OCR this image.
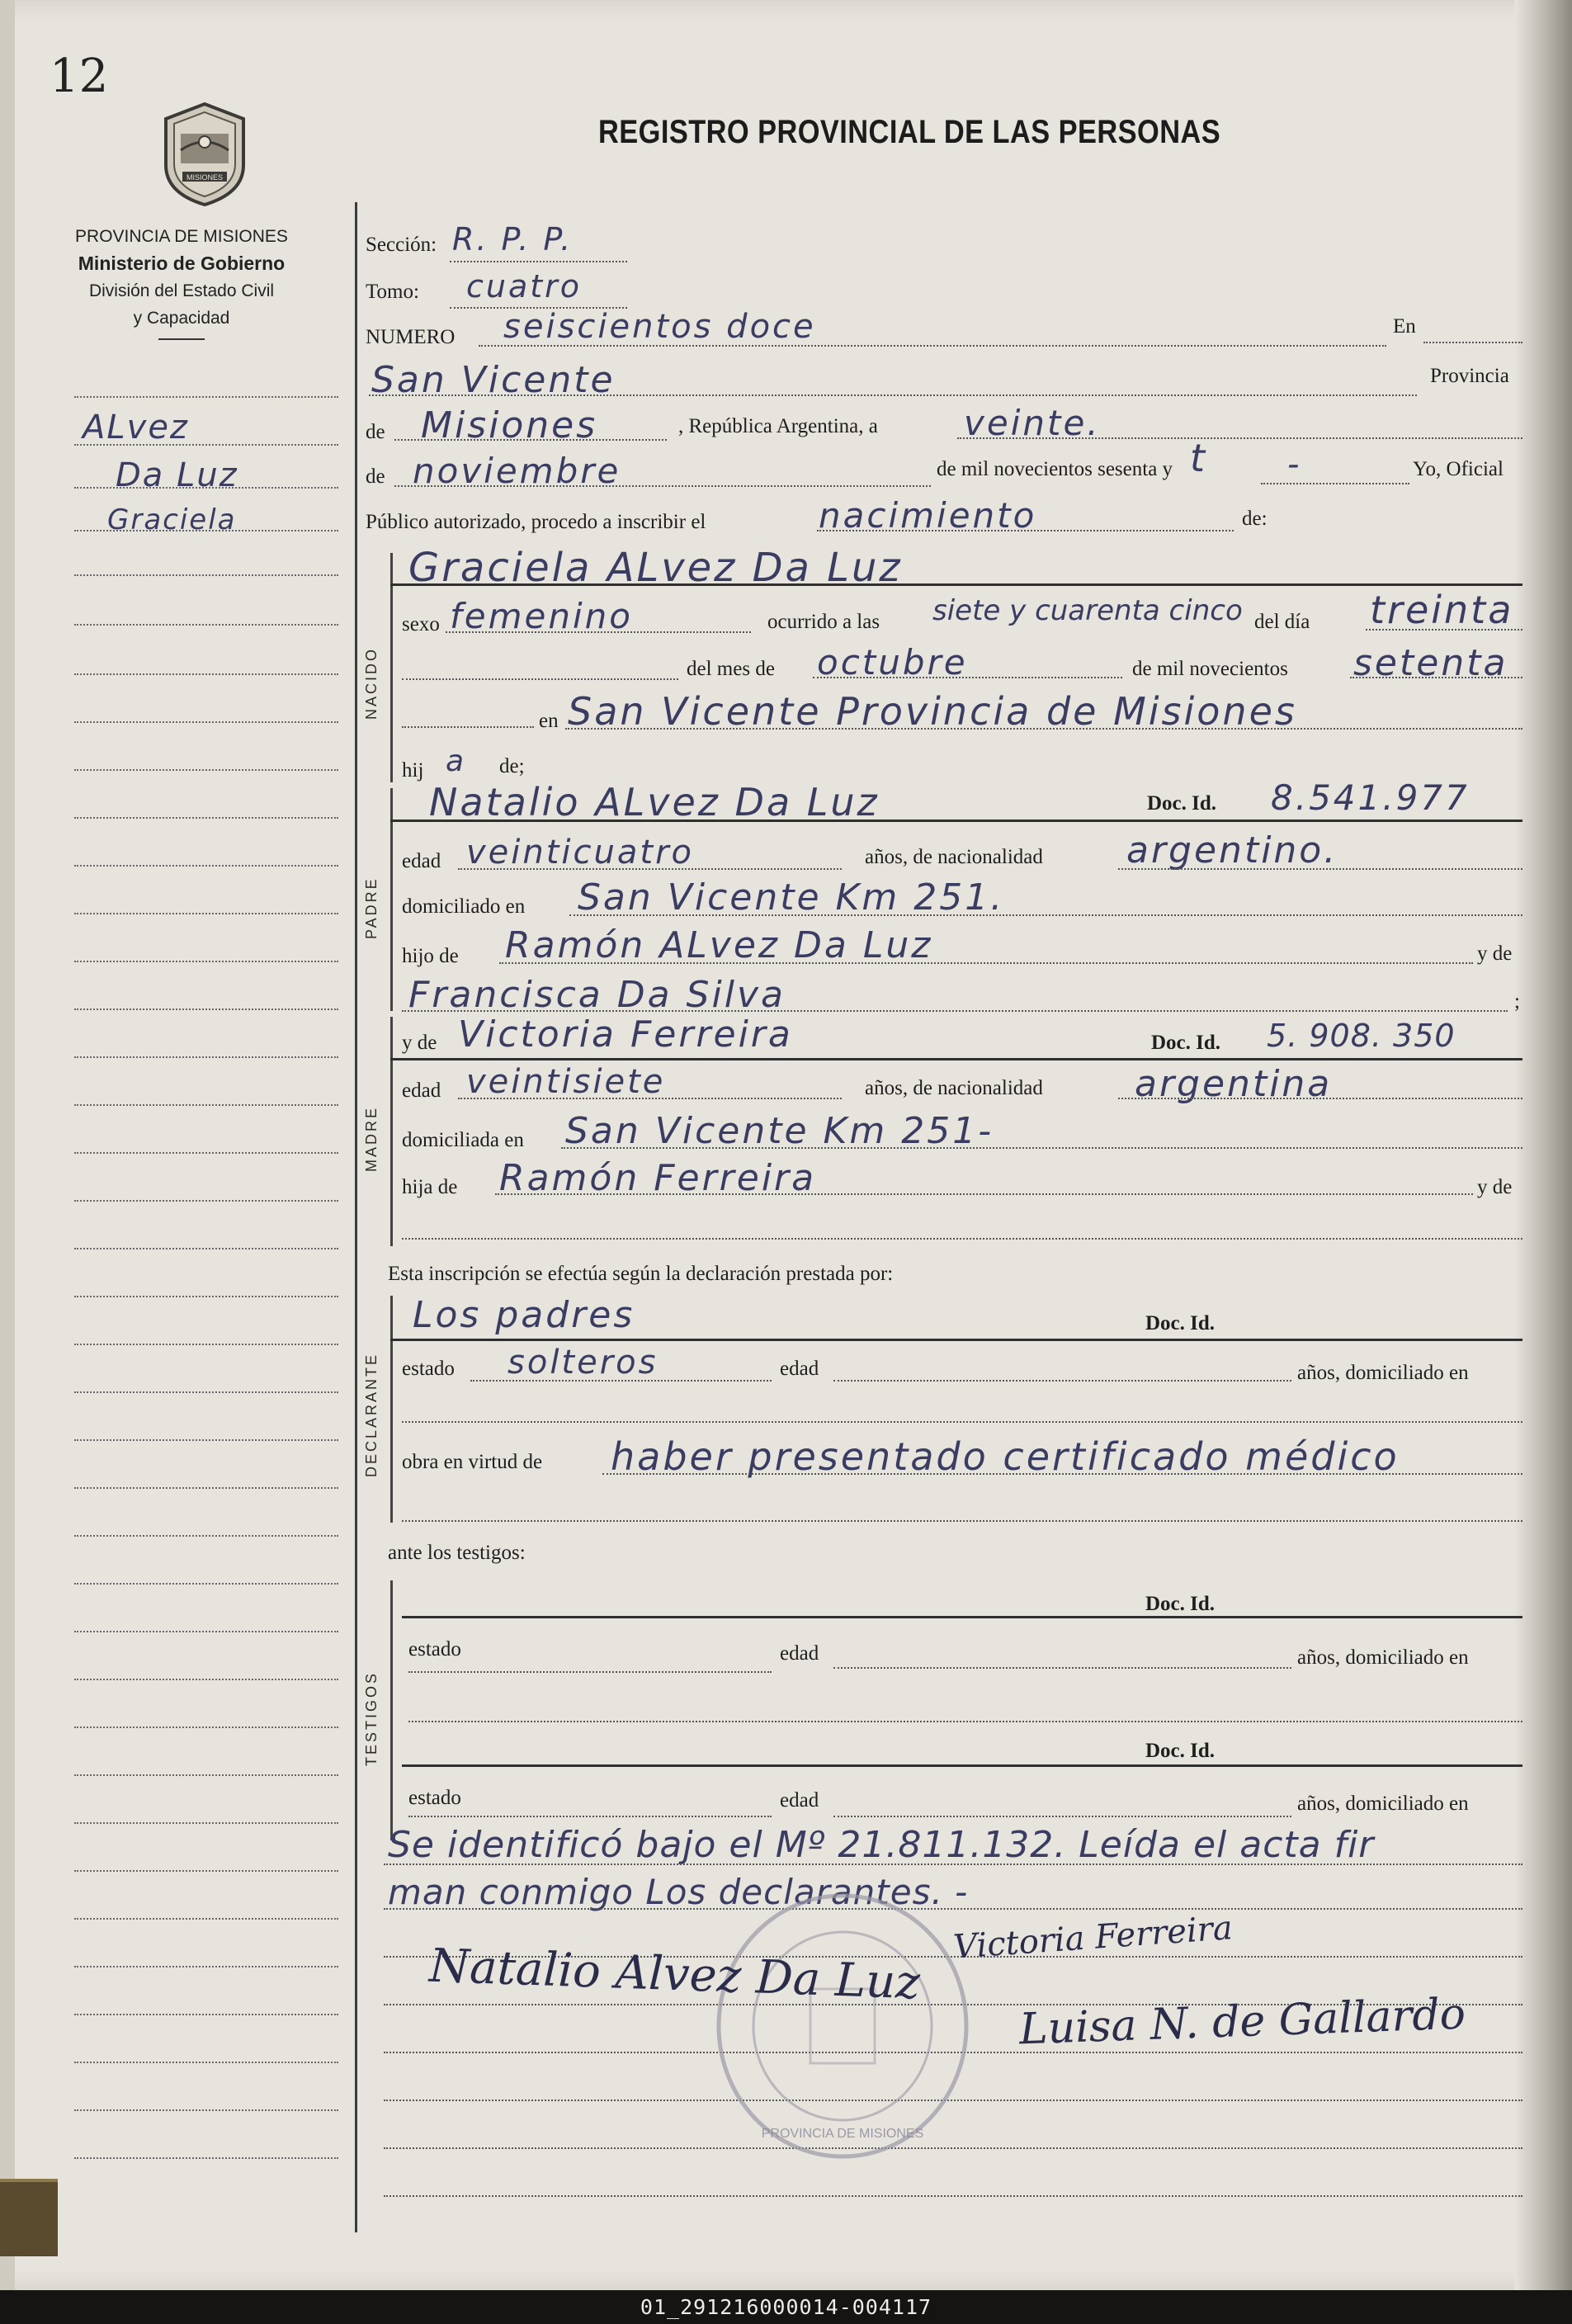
12
MISIONES
PROVINCIA DE MISIONES
Ministerio de Gobierno
División del Estado Civil
y Capacidad
REGISTRO PROVINCIAL DE LAS PERSONAS
ALvez
Da Luz
Graciela
Sección: R. P. P.
Tomo: cuatro
NUMERO seiscientos doce	En
San Vicente	Provincia
de Misiones	, República Argentina, a veinte.
de noviembre	de mil novecientos sesenta y t -	Yo, Oficial
Público autorizado, procedo a inscribir el	nacimiento	de:
NACIDO
Graciela ALvez Da Luz
sexo femenino	ocurrido a las siete y cuarenta cinco del día treinta
del mes de octubre	de mil novecientos setenta
en San Vicente Provincia de Misiones
hij a de;
PADRE
Natalio ALvez Da Luz	Doc. Id. 8.541.977
edad veinticuatro	años, de nacionalidad argentino.
domiciliado en San Vicente Km 251.
hijo de Ramón ALvez Da Luz	y de
Francisca Da Silva	;
MADRE
y de Victoria Ferreira	Doc. Id. 5. 908. 350
edad veintisiete	años, de nacionalidad	argentina
domiciliada en San Vicente Km 251-
hija de Ramón Ferreira	y de
Esta inscripción se efectúa según la declaración prestada por:
DECLARANTE
Los padres	Doc. Id.
estado solteros	edad	años, domiciliado en
obra en virtud de haber presentado certificado médico
ante los testigos:
TESTIGOS
Doc. Id.
estado	edad	años, domiciliado en
Doc. Id.
estado	edad	años, domiciliado en
Se identificó bajo el Mº 21.811.132. Leída el acta fir
man conmigo Los declarantes. -
PROVINCIA DE MISIONES
Natalio Alvez Da Luz
Victoria Ferreira
Luisa N. de Gallardo
01_291216000014-004117
